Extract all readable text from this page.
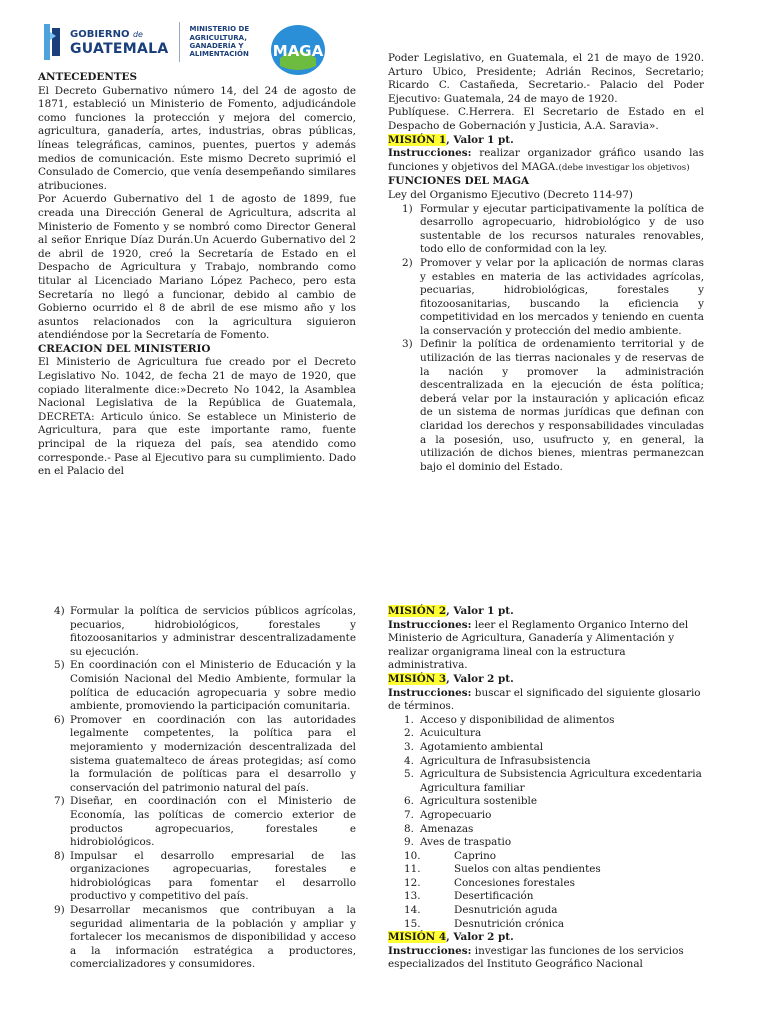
GOBIERNO de
GUATEMALA
MINISTERIO DE
AGRICULTURA,
GANADERÍA Y
ALIMENTACIÓN MAGA
ANTECEDENTES

El Decreto Gubernativo número 14, del 24 de agosto de 1871, estableció un Ministerio de Fomento, adjudicándole como funciones la protección y mejora del comercio, agricultura, ganadería, artes, industrias, obras públicas, líneas telegráficas, caminos, puentes, puertos y además medios de comunicación. Este mismo Decreto suprimió el Consulado de Comercio, que venía desempeñando similares atribuciones.

Por Acuerdo Gubernativo del 1 de agosto de 1899, fue creada una Dirección General de Agricultura, adscrita al Ministerio de Fomento y se nombró como Director General al señor Enrique Díaz Durán.Un Acuerdo Gubernativo del 2 de abril de 1920, creó la Secretaría de Estado en el Despacho de Agricultura y Trabajo, nombrando como titular al Licenciado Mariano López Pacheco, pero esta Secretaría no llegó a funcionar, debido al cambio de Gobierno ocurrido el 8 de abril de ese mismo año y los asuntos relacionados con la agricultura siguieron atendiéndose por la Secretaría de Fomento.

CREACION DEL MINISTERIO

El Ministerio de Agricultura fue creado por el Decreto Legislativo No. 1042, de fecha 21 de mayo de 1920, que copiado literalmente dice:»Decreto No 1042, la Asamblea Nacional Legislativa de la República de Guatemala, DECRETA: Articulo único. Se establece un Ministerio de Agricultura, para que este importante ramo, fuente principal de la riqueza del país, sea atendido como corresponde.- Pase al Ejecutivo para su cumplimiento. Dado en el Palacio del

Poder Legislativo, en Guatemala, el 21 de mayo de 1920. Arturo Ubico, Presidente; Adrián Recinos, Secretario; Ricardo C. Castañeda, Secretario.- Palacio del Poder Ejecutivo: Guatemala, 24 de mayo de 1920.

Publíquese. C.Herrera. El Secretario de Estado en el Despacho de Gobernación y Justicia, A.A. Saravia».

MISIÓN 1, Valor 1 pt.

Instrucciones: realizar organizador gráfico usando las funciones y objetivos del MAGA.(debe investigar los objetivos)

FUNCIONES DEL MAGA
Ley del Organismo Ejecutivo (Decreto 114-97)
1) Formular y ejecutar participativamente la política de desarrollo agropecuario, hidrobiológico y de uso sustentable de los recursos naturales renovables, todo ello de conformidad con la ley.
2) Promover y velar por la aplicación de normas claras y estables en materia de las actividades agrícolas, pecuarias, hidrobiológicas, forestales y fitozoosanitarias, buscando la eficiencia y competitividad en los mercados y teniendo en cuenta la conservación y protección del medio ambiente.
3) Definir la política de ordenamiento territorial y de utilización de las tierras nacionales y de reservas de la nación y promover la administración descentralizada en la ejecución de ésta política; deberá velar por la instauración y aplicación eficaz de un sistema de normas jurídicas que definan con claridad los derechos y responsabilidades vinculadas a la posesión, uso, usufructo y, en general, la utilización de dichos bienes, mientras permanezcan bajo el dominio del Estado.
4) Formular la política de servicios públicos agrícolas, pecuarios, hidrobiológicos, forestales y fitozoosanitarios y administrar descentralizadamente su ejecución.
5) En coordinación con el Ministerio de Educación y la Comisión Nacional del Medio Ambiente, formular la política de educación agropecuaria y sobre medio ambiente, promoviendo la participación comunitaria.
6) Promover en coordinación con las autoridades legalmente competentes, la política para el mejoramiento y modernización descentralizada del sistema guatemalteco de áreas protegidas; así como la formulación de políticas para el desarrollo y conservación del patrimonio natural del país.
7) Diseñar, en coordinación con el Ministerio de Economía, las políticas de comercio exterior de productos agropecuarios, forestales e hidrobiológicos.
8) Impulsar el desarrollo empresarial de las organizaciones agropecuarias, forestales e hidrobiológicas para fomentar el desarrollo productivo y competitivo del país.
9) Desarrollar mecanismos que contribuyan a la seguridad alimentaria de la población y ampliar y fortalecer los mecanismos de disponibilidad y acceso a la información estratégica a productores, comercializadores y consumidores.
MISIÓN 2, Valor 1 pt.

Instrucciones: leer el Reglamento Organico Interno del Ministerio de Agricultura, Ganadería y Alimentación y realizar organigrama lineal con la estructura administrativa.

MISIÓN 3, Valor 2 pt.

Instrucciones: buscar el significado del siguiente glosario de términos.

1. Acceso y disponibilidad de alimentos
2. Acuicultura
3. Agotamiento ambiental
4. Agricultura de Infrasubsistencia
5. Agricultura de Subsistencia Agricultura excedentaria Agricultura familiar
6. Agricultura sostenible
7. Agropecuario
8. Amenazas
9. Aves de traspatio
10.	Caprino
11.	Suelos con altas pendientes
12.	Concesiones forestales
13.	Desertificación
14.	Desnutrición aguda
15.	Desnutrición crónica
MISIÓN 4, Valor 2 pt.

Instrucciones: investigar las funciones de los servicios especializados del Instituto Geográfico Nacional
